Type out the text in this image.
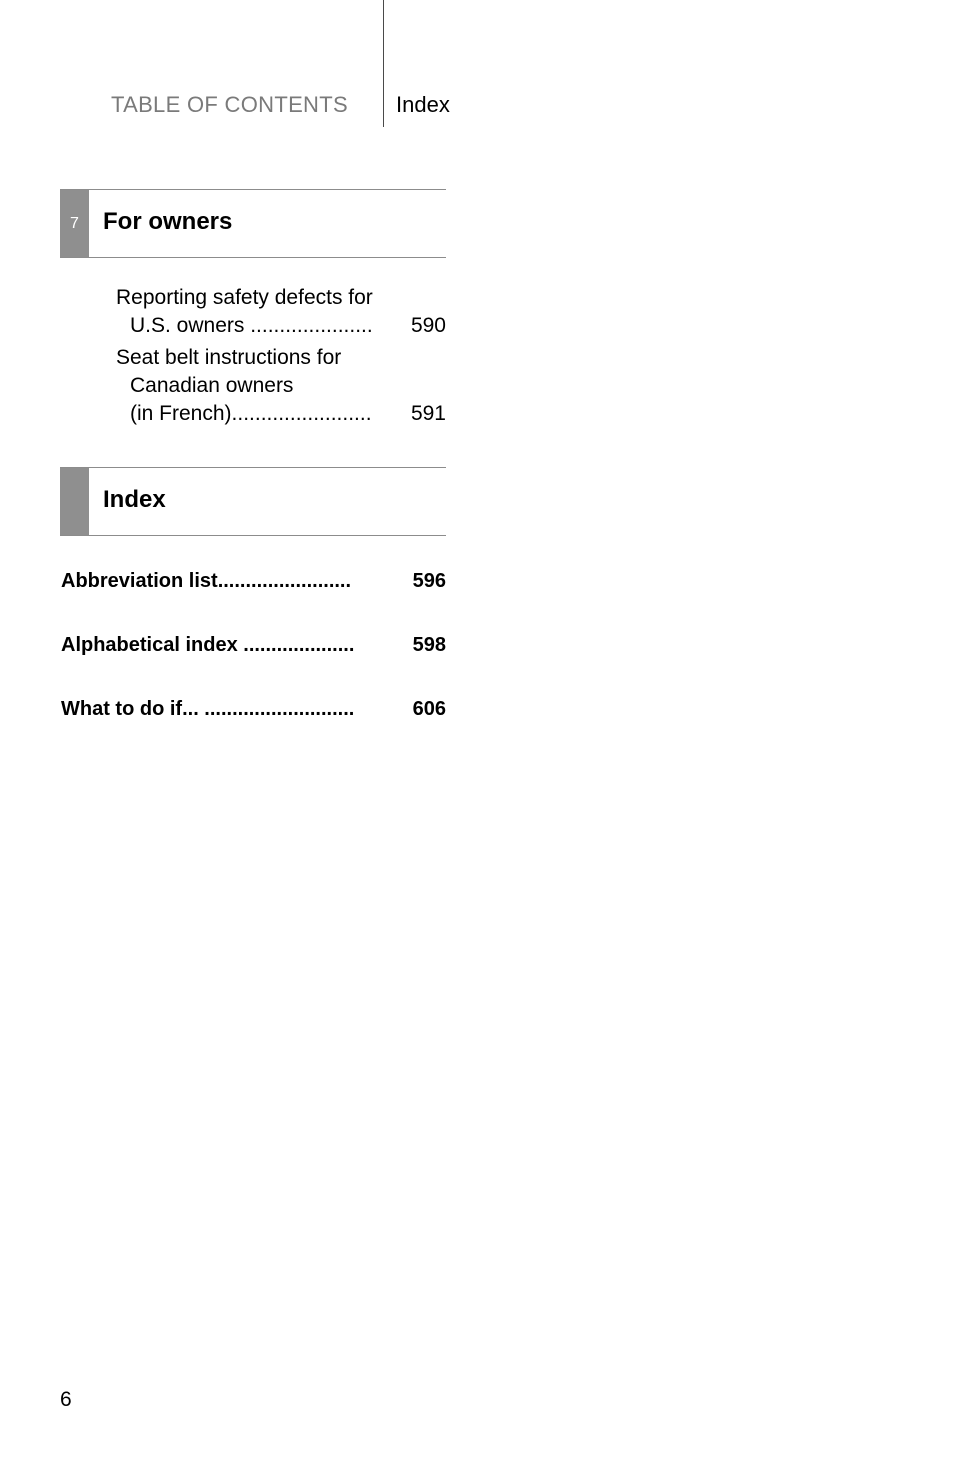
TABLE OF CONTENTS Index
7	For owners
Reporting safety defects for
U.S. owners .....................	590
Seat belt instructions for
Canadian owners
(in French)........................	591
Index
Abbreviation list........................	596
Alphabetical index ....................	598
What to do if... ...........................	606
6
